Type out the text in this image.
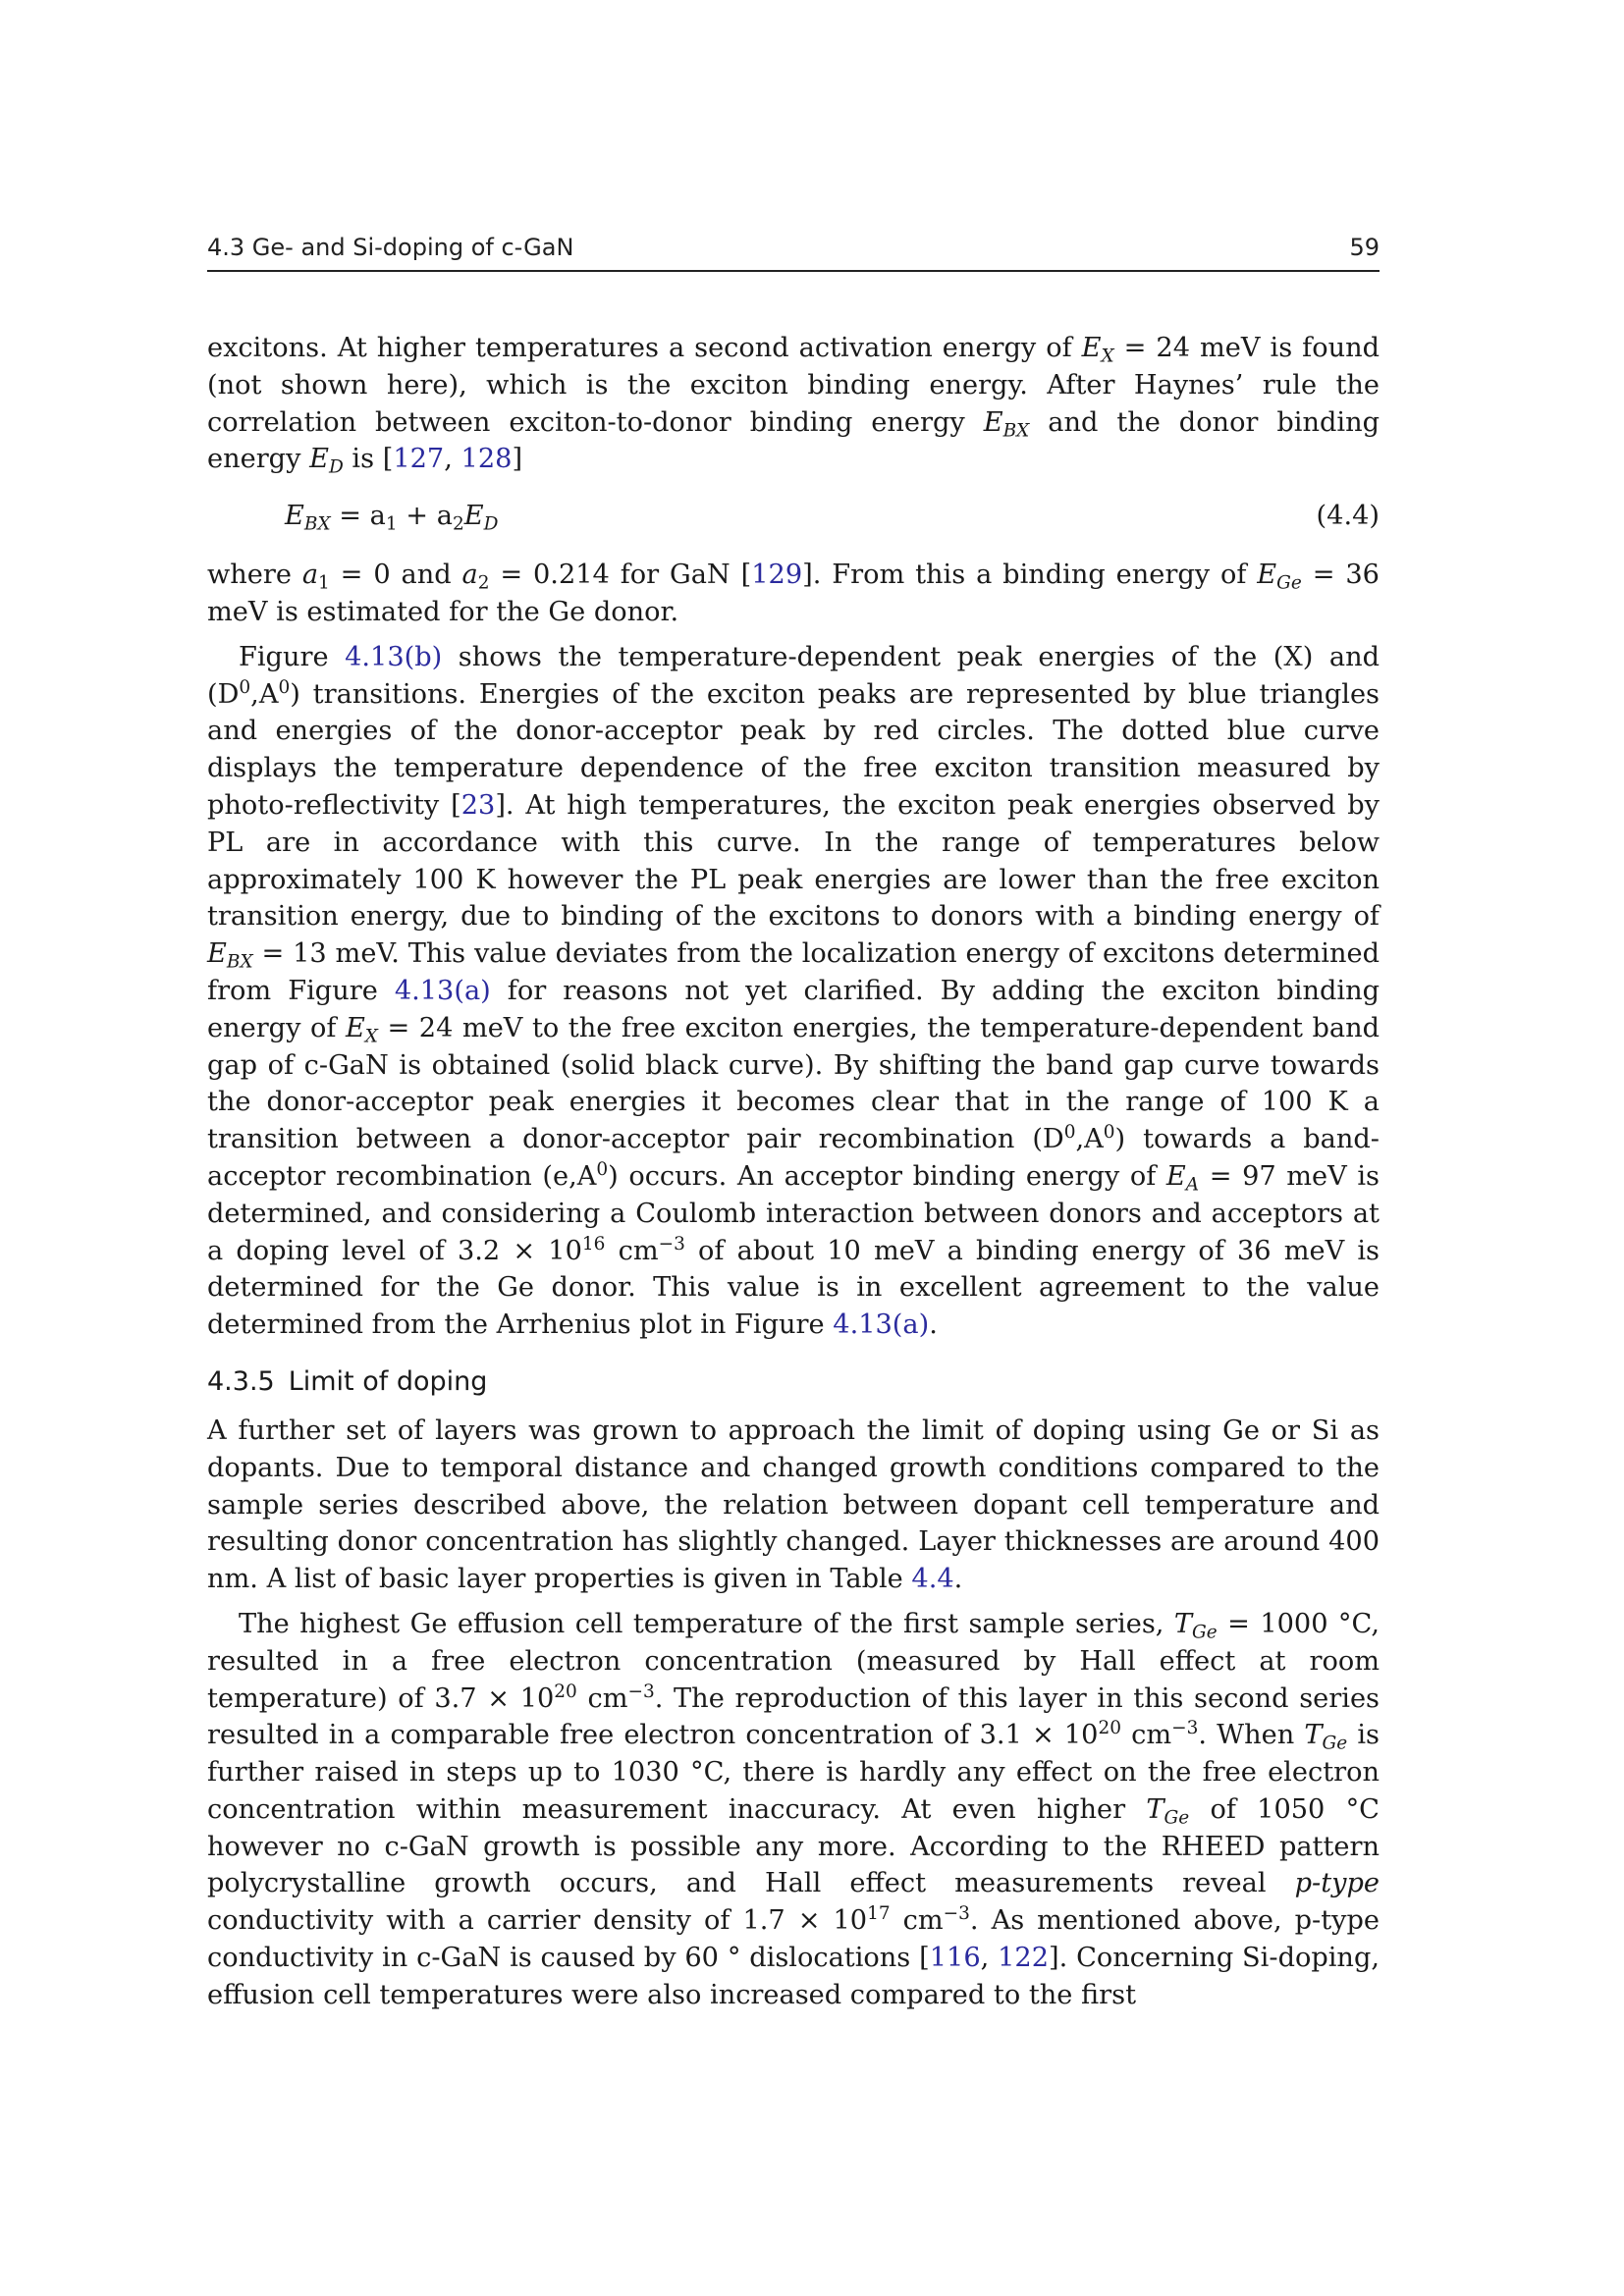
4.3 Ge- and Si-doping of c-GaN	59

excitons. At higher temperatures a second activation energy of $E_X = 24$ meV is found (not shown here), which is the exciton binding energy. After Haynes’ rule the correlation between exciton-to-donor binding energy $E_{BX}$ and the donor binding energy $E_D$ is [127, 128]

$E_{BX} = a_1 + a_2E_D$	(4.4)

where $a_1 = 0$ and $a_2 = 0.214$ for GaN [129]. From this a binding energy of $E_{Ge} = 36$ meV is estimated for the Ge donor.

Figure 4.13(b) shows the temperature-dependent peak energies of the (X) and $(D^0,A^0)$ transitions. Energies of the exciton peaks are represented by blue triangles and energies of the donor-acceptor peak by red circles. The dotted blue curve displays the temperature dependence of the free exciton transition measured by photo-reflectivity [23]. At high temperatures, the exciton peak energies observed by PL are in accordance with this curve. In the range of temperatures below approximately 100 K however the PL peak energies are lower than the free exciton transition energy, due to binding of the excitons to donors with a binding energy of $E_{BX} = 13$ meV. This value deviates from the localization energy of excitons determined from Figure 4.13(a) for reasons not yet clarified. By adding the exciton binding energy of $E_X = 24$ meV to the free exciton energies, the temperature-dependent band gap of c-GaN is obtained (solid black curve). By shifting the band gap curve towards the donor-acceptor peak energies it becomes clear that in the range of 100 K a transition between a donor-acceptor pair recombination $(D^0,A^0)$ towards a band-acceptor recombination $(e,A^0)$ occurs. An acceptor binding energy of $E_A = 97$ meV is determined, and considering a Coulomb interaction between donors and acceptors at a doping level of $3.2 \times 10^{16}$ $cm^{-3}$ of about 10 meV a binding energy of 36 meV is determined for the Ge donor. This value is in excellent agreement to the value determined from the Arrhenius plot in Figure 4.13(a).

4.3.5 Limit of doping

A further set of layers was grown to approach the limit of doping using Ge or Si as dopants. Due to temporal distance and changed growth conditions compared to the sample series described above, the relation between dopant cell temperature and resulting donor concentration has slightly changed. Layer thicknesses are around 400 nm. A list of basic layer properties is given in Table 4.4.

The highest Ge effusion cell temperature of the first sample series, $T_{Ge} = 1000$ °C, resulted in a free electron concentration (measured by Hall effect at room temperature) of $3.7 \times 10^{20}$ $cm^{-3}$. The reproduction of this layer in this second series resulted in a comparable free electron concentration of $3.1 \times 10^{20}$ $cm^{-3}$. When $T_{Ge}$ is further raised in steps up to 1030 °C, there is hardly any effect on the free electron concentration within measurement inaccuracy. At even higher $T_{Ge}$ of 1050 °C however no c-GaN growth is possible any more. According to the RHEED pattern polycrystalline growth occurs, and Hall effect measurements reveal p-type conductivity with a carrier density of $1.7 \times 10^{17}$ $cm^{-3}$. As mentioned above, p-type conductivity in c-GaN is caused by 60 ° dislocations [116, 122]. Concerning Si-doping, effusion cell temperatures were also increased compared to the first
